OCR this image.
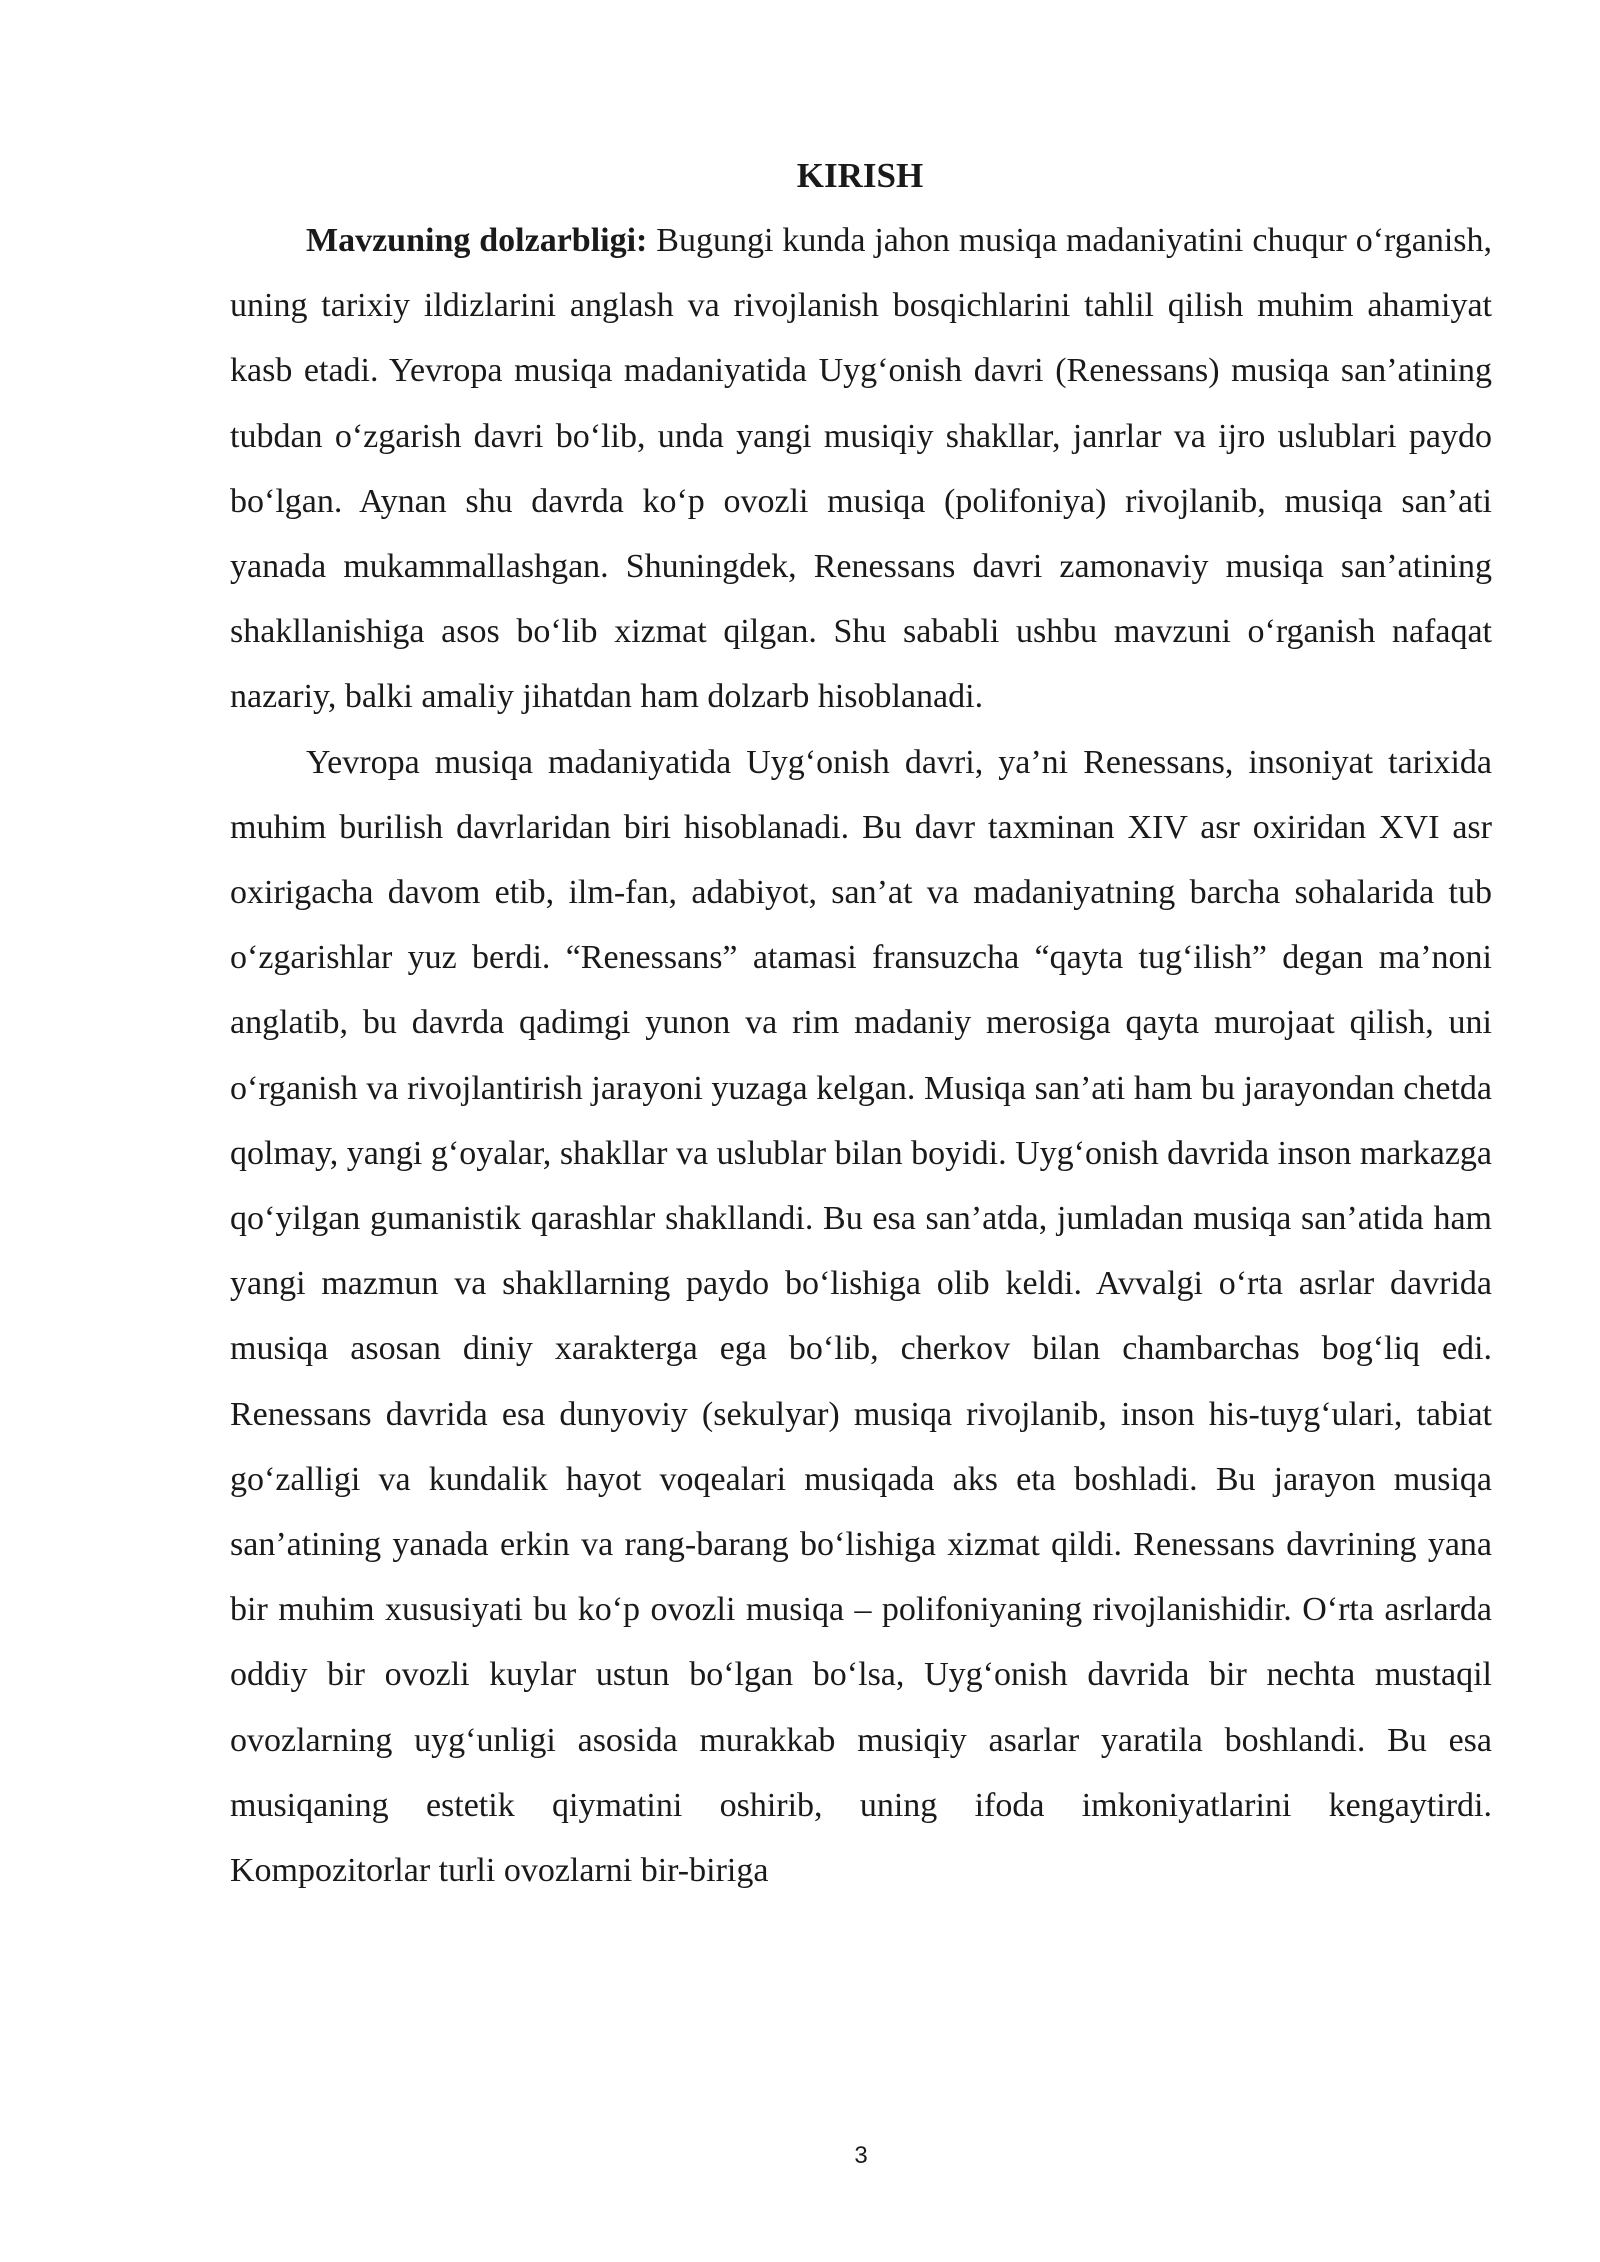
KIRISH

Mavzuning dolzarbligi: Bugungi kunda jahon musiqa madaniyatini chuqur o‘rganish, uning tarixiy ildizlarini anglash va rivojlanish bosqichlarini tahlil qilish muhim ahamiyat kasb etadi. Yevropa musiqa madaniyatida Uyg‘onish davri (Renessans) musiqa san’atining tubdan o‘zgarish davri bo‘lib, unda yangi musiqiy shakllar, janrlar va ijro uslublari paydo bo‘lgan. Aynan shu davrda ko‘p ovozli musiqa (polifoniya) rivojlanib, musiqa san’ati yanada mukammallashgan. Shuningdek, Renessans davri zamonaviy musiqa san’atining shakllanishiga asos bo‘lib xizmat qilgan. Shu sababli ushbu mavzuni o‘rganish nafaqat nazariy, balki amaliy jihatdan ham dolzarb hisoblanadi.

Yevropa musiqa madaniyatida Uyg‘onish davri, ya’ni Renessans, insoniyat tarixida muhim burilish davrlaridan biri hisoblanadi. Bu davr taxminan XIV asr oxiridan XVI asr oxirigacha davom etib, ilm-fan, adabiyot, san’at va madaniyatning barcha sohalarida tub o‘zgarishlar yuz berdi. “Renessans” atamasi fransuzcha “qayta tug‘ilish” degan ma’noni anglatib, bu davrda qadimgi yunon va rim madaniy merosiga qayta murojaat qilish, uni o‘rganish va rivojlantirish jarayoni yuzaga kelgan. Musiqa san’ati ham bu jarayondan chetda qolmay, yangi g‘oyalar, shakllar va uslublar bilan boyidi. Uyg‘onish davrida inson markazga qo‘yilgan gumanistik qarashlar shakllandi. Bu esa san’atda, jumladan musiqa san’atida ham yangi mazmun va shakllarning paydo bo‘lishiga olib keldi. Avvalgi o‘rta asrlar davrida musiqa asosan diniy xarakterga ega bo‘lib, cherkov bilan chambarchas bog‘liq edi. Renessans davrida esa dunyoviy (sekulyar) musiqa rivojlanib, inson his-tuyg‘ulari, tabiat go‘zalligi va kundalik hayot voqealari musiqada aks eta boshladi. Bu jarayon musiqa san’atining yanada erkin va rang-barang bo‘lishiga xizmat qildi. Renessans davrining yana bir muhim xususiyati bu ko‘p ovozli musiqa – polifoniyaning rivojlanishidir. O‘rta asrlarda oddiy bir ovozli kuylar ustun bo‘lgan bo‘lsa, Uyg‘onish davrida bir nechta mustaqil ovozlarning uyg‘unligi asosida murakkab musiqiy asarlar yaratila boshlandi. Bu esa musiqaning estetik qiymatini oshirib, uning ifoda imkoniyatlarini kengaytirdi. Kompozitorlar turli ovozlarni bir-biriga

3
